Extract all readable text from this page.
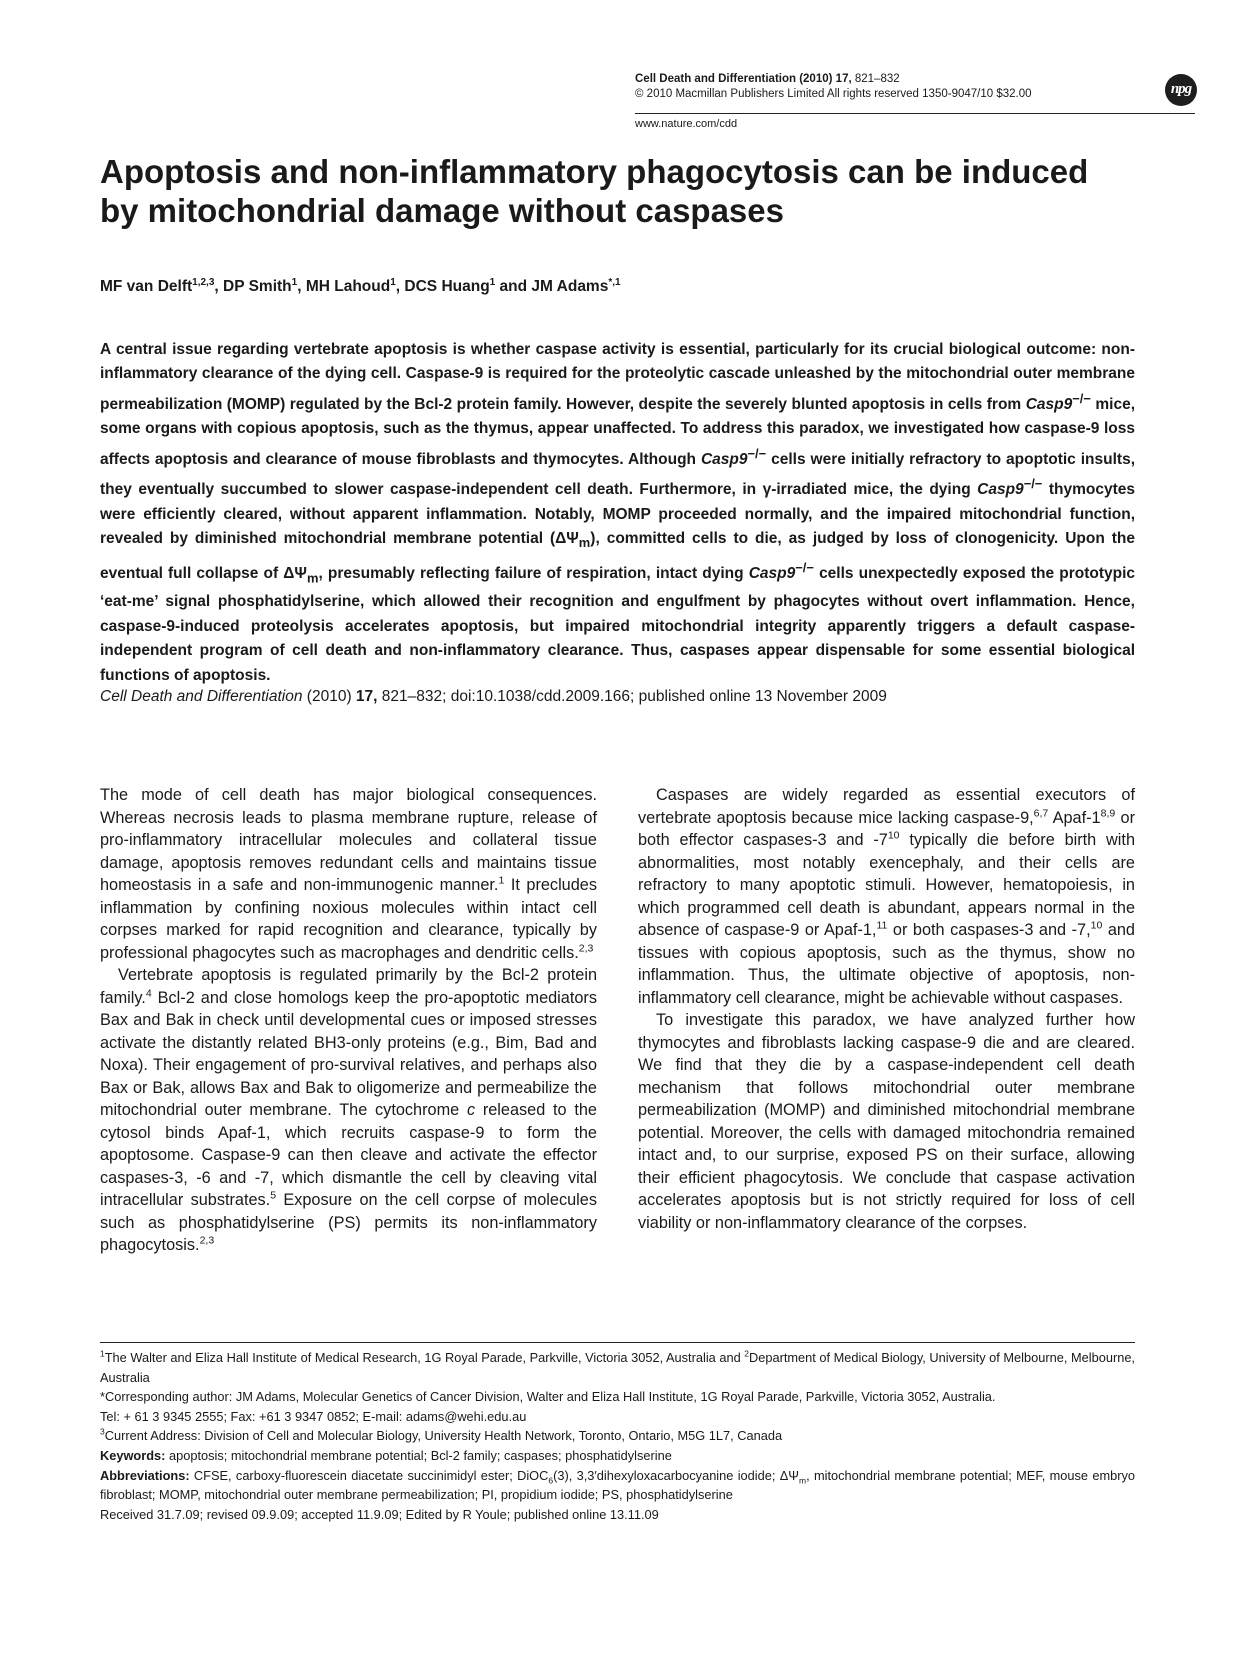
Cell Death and Differentiation (2010) 17, 821–832
© 2010 Macmillan Publishers Limited All rights reserved 1350-9047/10 $32.00
www.nature.com/cdd
npg
Apoptosis and non-inflammatory phagocytosis can be induced by mitochondrial damage without caspases
MF van Delft$^{1,2,3}$, DP Smith$^1$, MH Lahoud$^1$, DCS Huang$^1$ and JM Adams$^{*,1}$
A central issue regarding vertebrate apoptosis is whether caspase activity is essential, particularly for its crucial biological outcome: non-inflammatory clearance of the dying cell. Caspase-9 is required for the proteolytic cascade unleashed by the mitochondrial outer membrane permeabilization (MOMP) regulated by the Bcl-2 protein family. However, despite the severely blunted apoptosis in cells from Casp9−/− mice, some organs with copious apoptosis, such as the thymus, appear unaffected. To address this paradox, we investigated how caspase-9 loss affects apoptosis and clearance of mouse fibroblasts and thymocytes. Although Casp9−/− cells were initially refractory to apoptotic insults, they eventually succumbed to slower caspase-independent cell death. Furthermore, in γ-irradiated mice, the dying Casp9−/− thymocytes were efficiently cleared, without apparent inflammation. Notably, MOMP proceeded normally, and the impaired mitochondrial function, revealed by diminished mitochondrial membrane potential $(\Delta\Psi_m)$, committed cells to die, as judged by loss of clonogenicity. Upon the eventual full collapse of $\Delta\Psi_m$, presumably reflecting failure of respiration, intact dying Casp9−/− cells unexpectedly exposed the prototypic ‘eat-me’ signal phosphatidylserine, which allowed their recognition and engulfment by phagocytes without overt inflammation. Hence, caspase-9-induced proteolysis accelerates apoptosis, but impaired mitochondrial integrity apparently triggers a default caspase-independent program of cell death and non-inflammatory clearance. Thus, caspases appear dispensable for some essential biological functions of apoptosis.
Cell Death and Differentiation (2010) 17, 821–832; doi:10.1038/cdd.2009.166; published online 13 November 2009

The mode of cell death has major biological consequences. Whereas necrosis leads to plasma membrane rupture, release of pro-inflammatory intracellular molecules and collateral tissue damage, apoptosis removes redundant cells and maintains tissue homeostasis in a safe and non-immunogenic manner.$^1$ It precludes inflammation by confining noxious molecules within intact cell corpses marked for rapid recognition and clearance, typically by professional phagocytes such as macrophages and dendritic cells.$^{2,3}$

Vertebrate apoptosis is regulated primarily by the Bcl-2 protein family.$^4$ Bcl-2 and close homologs keep the pro-apoptotic mediators Bax and Bak in check until developmental cues or imposed stresses activate the distantly related BH3-only proteins (e.g., Bim, Bad and Noxa). Their engagement of pro-survival relatives, and perhaps also Bax or Bak, allows Bax and Bak to oligomerize and permeabilize the mitochondrial outer membrane. The cytochrome c released to the cytosol binds Apaf-1, which recruits caspase-9 to form the apoptosome. Caspase-9 can then cleave and activate the effector caspases-3, -6 and -7, which dismantle the cell by cleaving vital intracellular substrates.$^5$ Exposure on the cell corpse of molecules such as phosphatidylserine (PS) permits its non-inflammatory phagocytosis.$^{2,3}$

Caspases are widely regarded as essential executors of vertebrate apoptosis because mice lacking caspase-9,$^{6,7}$ Apaf-1$^{8,9}$ or both effector caspases-3 and $-7^{10}$ typically die before birth with abnormalities, most notably exencephaly, and their cells are refractory to many apoptotic stimuli. However, hematopoiesis, in which programmed cell death is abundant, appears normal in the absence of caspase-9 or Apaf-1,11 or both caspases-3 and -7,10 and tissues with copious apoptosis, such as the thymus, show no inflammation. Thus, the ultimate objective of apoptosis, non-inflammatory cell clearance, might be achievable without caspases.

To investigate this paradox, we have analyzed further how thymocytes and fibroblasts lacking caspase-9 die and are cleared. We find that they die by a caspase-independent cell death mechanism that follows mitochondrial outer membrane permeabilization (MOMP) and diminished mitochondrial membrane potential. Moreover, the cells with damaged mitochondria remained intact and, to our surprise, exposed PS on their surface, allowing their efficient phagocytosis. We conclude that caspase activation accelerates apoptosis but is not strictly required for loss of cell viability or non-inflammatory clearance of the corpses.

$^1$The Walter and Eliza Hall Institute of Medical Research, 1G Royal Parade, Parkville, Victoria 3052, Australia and $^2$Department of Medical Biology, University of Melbourne, Melbourne, Australia

*Corresponding author: JM Adams, Molecular Genetics of Cancer Division, Walter and Eliza Hall Institute, 1G Royal Parade, Parkville, Victoria 3052, Australia.

Tel: + 61 3 9345 2555; Fax: +61 3 9347 0852; E-mail: adams@wehi.edu.au

$^3$Current Address: Division of Cell and Molecular Biology, University Health Network, Toronto, Ontario, M5G 1L7, Canada

Keywords: apoptosis; mitochondrial membrane potential; Bcl-2 family; caspases; phosphatidylserine

Abbreviations: CFSE, carboxy-fluorescein diacetate succinimidyl ester; DiOC$_6$(3), 3,3′dihexyloxacarbocyanine iodide; $\Delta\Psi_m$, mitochondrial membrane potential; MEF, mouse embryo fibroblast; MOMP, mitochondrial outer membrane permeabilization; PI, propidium iodide; PS, phosphatidylserine

Received 31.7.09; revised 09.9.09; accepted 11.9.09; Edited by R Youle; published online 13.11.09
